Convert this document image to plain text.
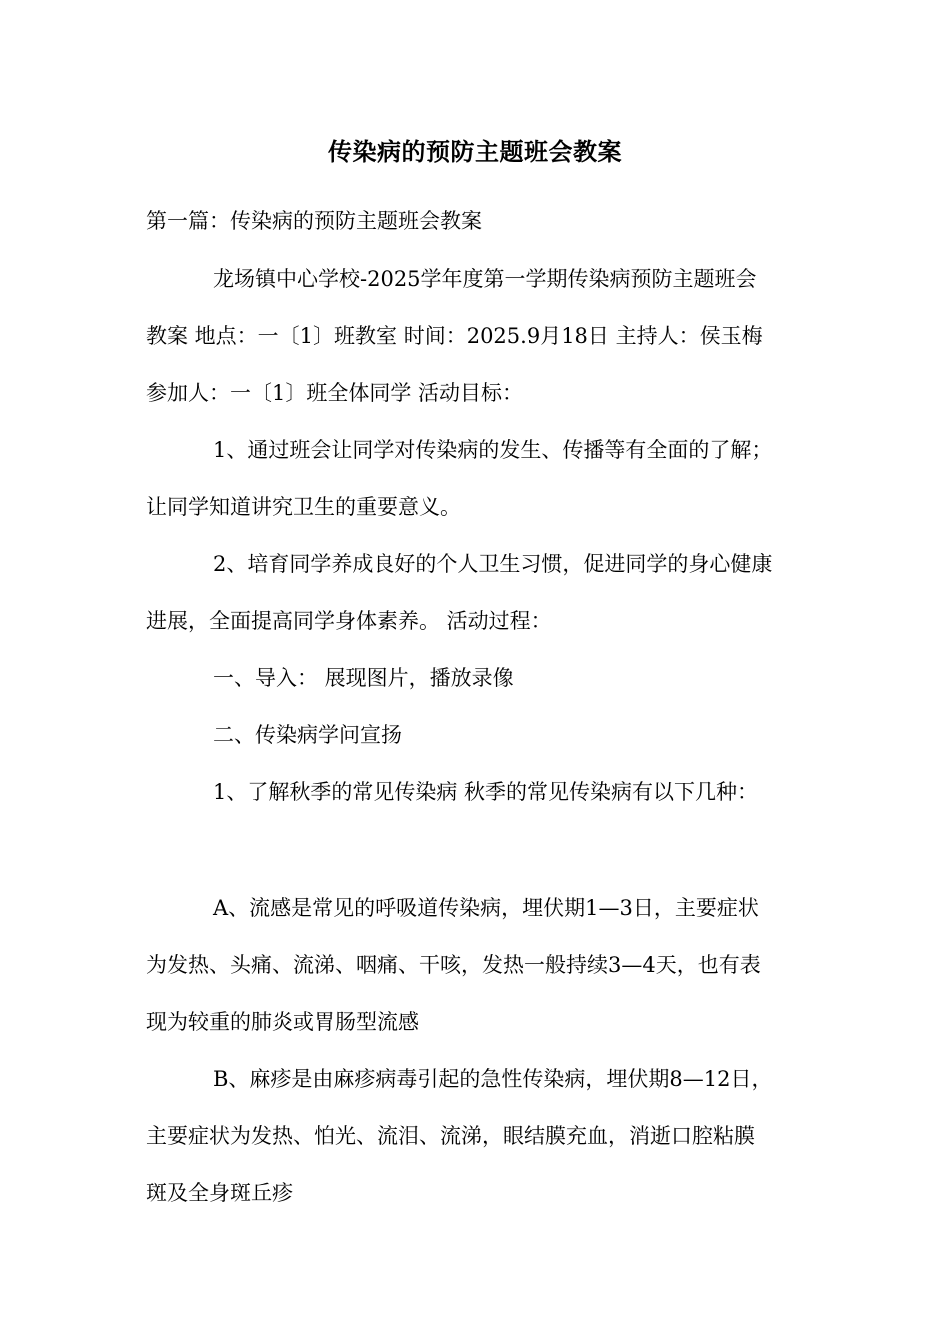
传染病的预防主题班会教案
第一篇：传染病的预防主题班会教案
龙场镇中心学校-2025学年度第一学期传染病预防主题班会
教案 地点：一〔1〕班教室 时间：2025.9月18日 主持人：侯玉梅
参加人：一〔1〕班全体同学 活动目标：
1、通过班会让同学对传染病的发生、传播等有全面的了解；
让同学知道讲究卫生的重要意义。
2、培育同学养成良好的个人卫生习惯，促进同学的身心健康
进展，全面提高同学身体素养。 活动过程：
一、导入： 展现图片，播放录像
二、传染病学问宣扬
1、了解秋季的常见传染病 秋季的常见传染病有以下几种：
A、流感是常见的呼吸道传染病，埋伏期1—3日，主要症状
为发热、头痛、流涕、咽痛、干咳，发热一般持续3—4天，也有表
现为较重的肺炎或胃肠型流感
B、麻疹是由麻疹病毒引起的急性传染病，埋伏期8—12日，
主要症状为发热、怕光、流泪、流涕，眼结膜充血，消逝口腔粘膜
斑及全身斑丘疹
